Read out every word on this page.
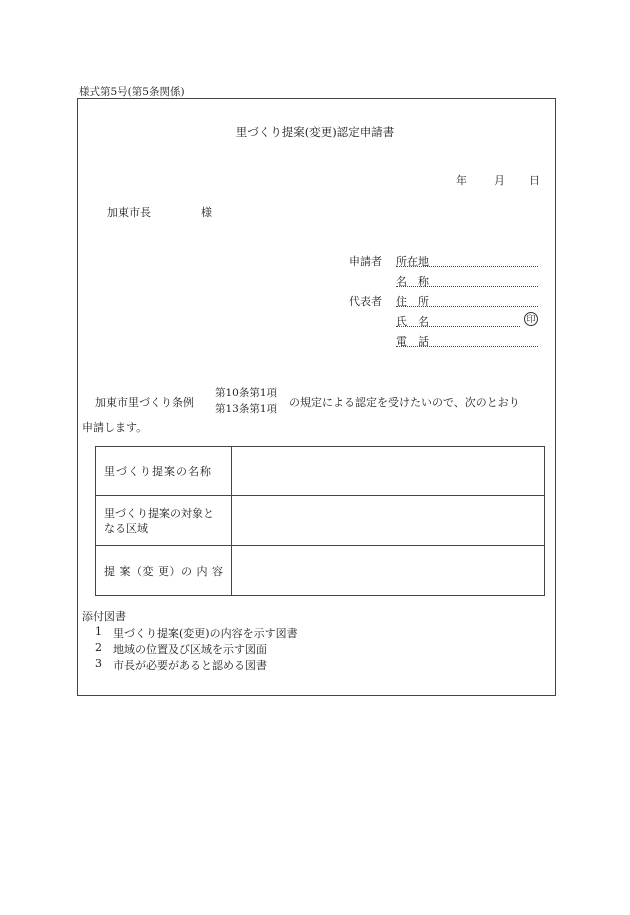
様式第5号(第5条関係)
里づくり提案(変更)認定申請書
年 月 日
加東市長	様
申請者 所在地
名　称
代表者 住　所
氏　名	印
電　話
加東市里づくり条例
第10条第1項
第13条第1項 の規定による認定を受けたいので、次のとおり
申請します。
里づくり提案の名称	

里づくり提案の対象と
なる区域	

提 案（変 更）の 内 容	
添付図書
1 里づくり提案(変更)の内容を示す図書
2 地域の位置及び区域を示す図面
3 市長が必要があると認める図書
